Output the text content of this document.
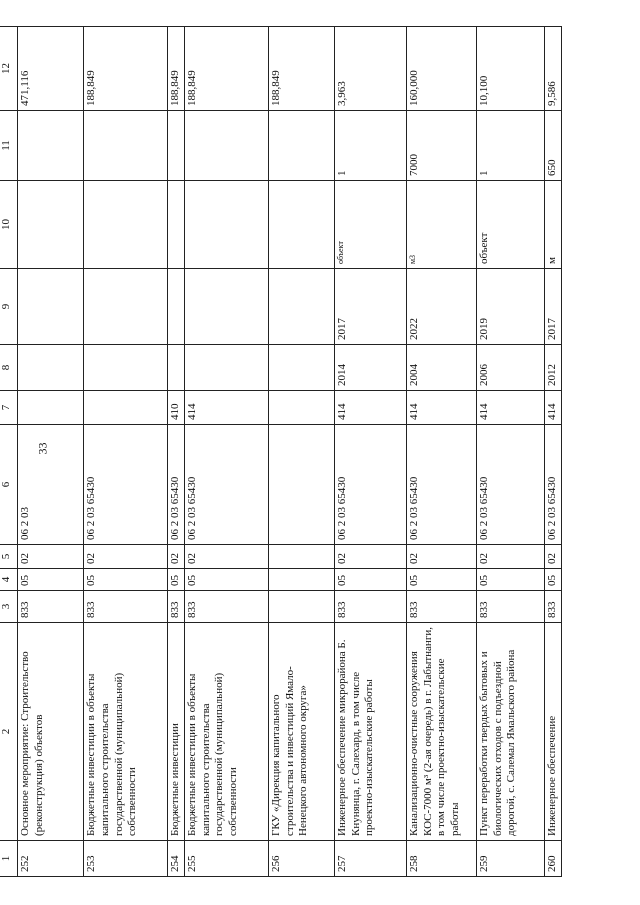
33
1	2	3	4	5	6	7	8	9	10	11	12
252	Основное мероприятие: Строительство (реконструкция) объектов	833	05	02	06 2 03						471,116
253	Бюджетные инвестиции в объекты капитального строительства государственной (муниципальной) собственности	833	05	02	06 2 03 65430						188,849
254	Бюджетные инвестиции	833	05	02	06 2 03 65430	410					188,849
255	Бюджетные инвестиции в объекты капитального строительства государственной (муниципальной) собственности	833	05	02	06 2 03 65430	414					188,849
256	ГКУ «Дирекция капитального строительства и инвестиций Ямало-Ненецкого автономного округа»										188,849
257	Инженерное обеспечение микрорайона Б. Кнунянца, г. Салехард, в том числе проектно-изыскательские работы	833	05	02	06 2 03 65430	414	2014	2017	объект	1	3,963
258	Канализационно-очистные сооружения КОС-7000 м³ (2-ая очередь) в г. Лабытнанги, в том числе проектно-изыскательские работы	833	05	02	06 2 03 65430	414	2004	2022	м3	7000	160,000
259	Пункт переработки твердых бытовых и биологических отходов с подъездной дорогой, с. Салемал Ямальского района	833	05	02	06 2 03 65430	414	2006	2019	объект	1	10,100
260	Инженерное обеспечение	833	05	02	06 2 03 65430	414	2012	2017	м	650	9,586
